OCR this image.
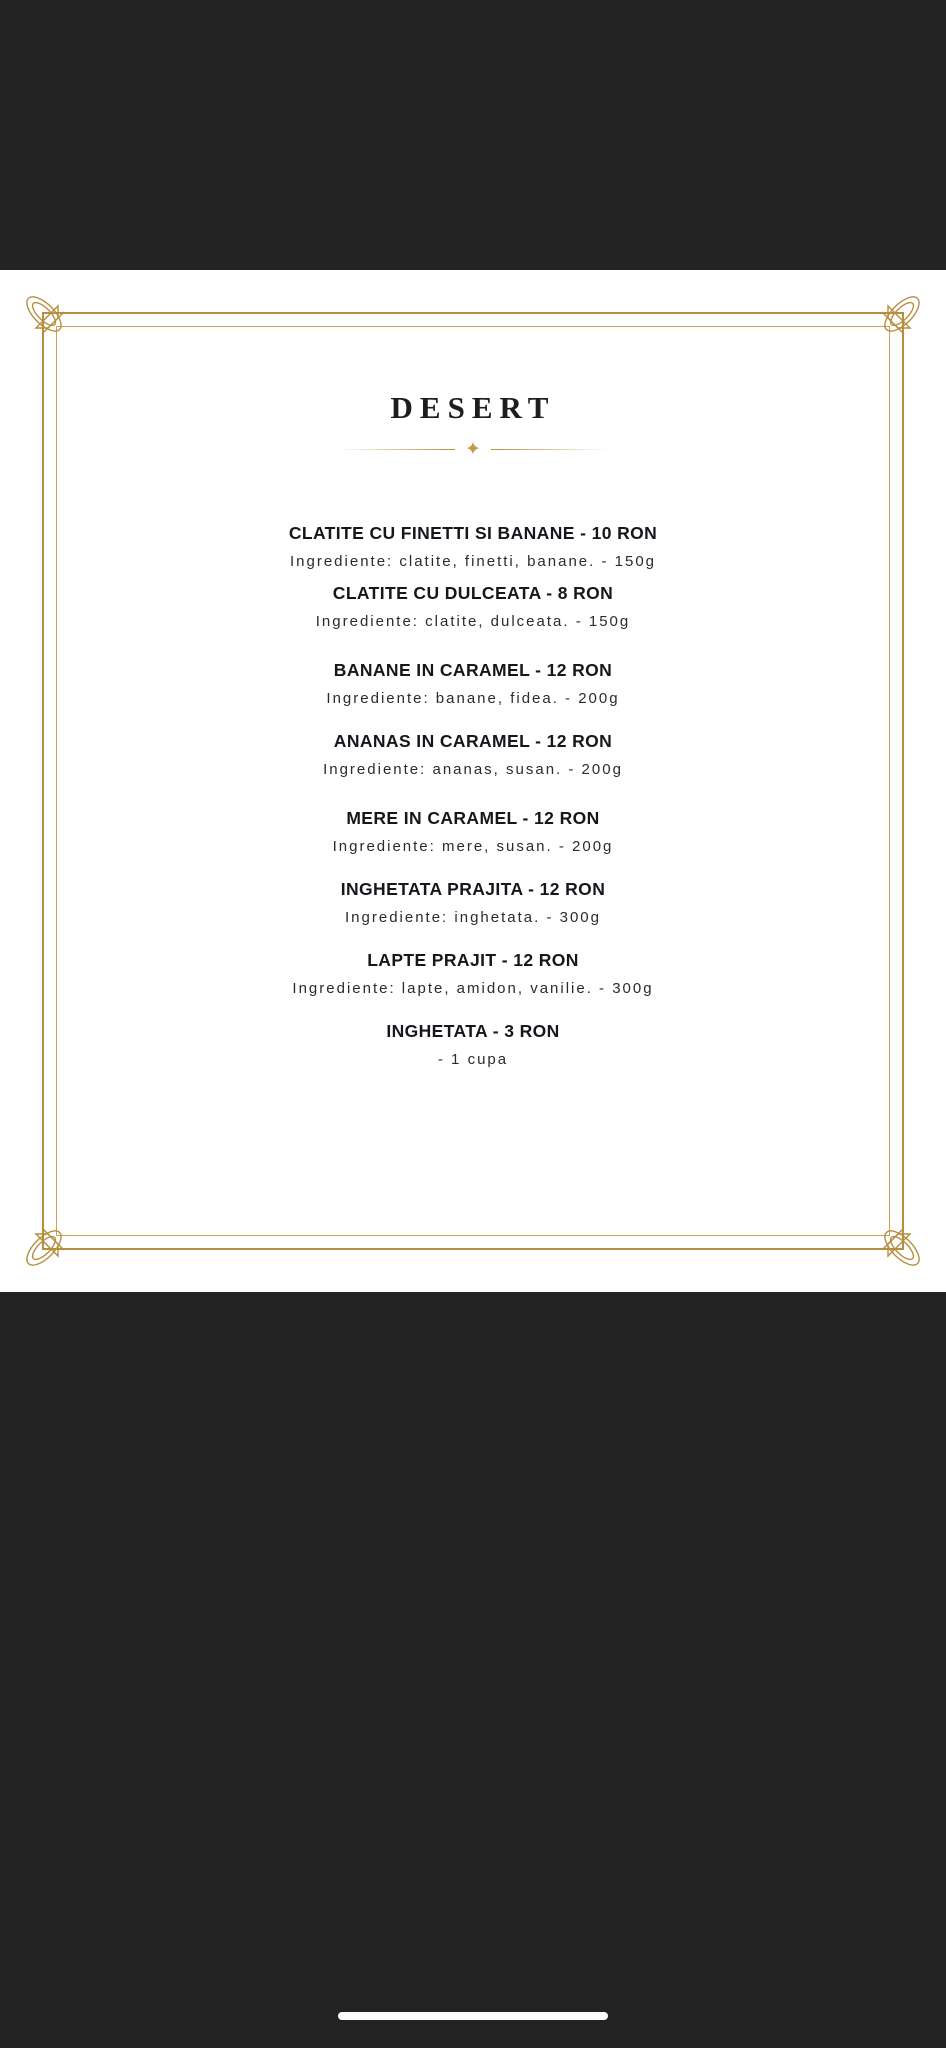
DESERT
✦
CLATITE CU FINETTI SI BANANE - 10 RON
Ingrediente: clatite, finetti, banane. - 150g
CLATITE CU DULCEATA - 8 RON
Ingrediente: clatite, dulceata. - 150g
BANANE IN CARAMEL - 12 RON
Ingrediente: banane, fidea. - 200g
ANANAS IN CARAMEL - 12 RON
Ingrediente: ananas, susan. - 200g
MERE IN CARAMEL - 12 RON
Ingrediente: mere, susan. - 200g
INGHETATA PRAJITA - 12 RON
Ingrediente: inghetata. - 300g
LAPTE PRAJIT - 12 RON
Ingrediente: lapte, amidon, vanilie. - 300g
INGHETATA - 3 RON
- 1 cupa
